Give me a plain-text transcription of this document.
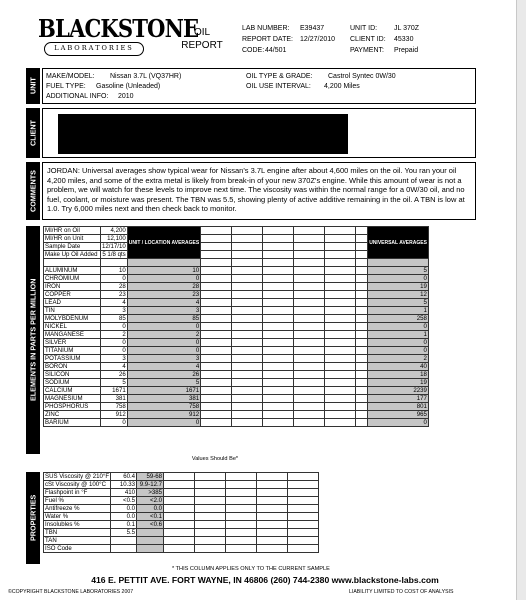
BLACKSTONE
LABORATORIES
OIL
REPORT
LAB NUMBER: E39437
REPORT DATE: 12/27/2010
CODE: 44/501
UNIT ID: JL 370Z
CLIENT ID: 45330
PAYMENT: Prepaid
UNIT
MAKE/MODEL: Nissan 3.7L (VQ37HR)
FUEL TYPE: Gasoline (Unleaded)
ADDITIONAL INFO: 2010
OIL TYPE & GRADE: Castrol Syntec 0W/30
OIL USE INTERVAL: 4,200 Miles
CLIENT
COMMENTS	JORDAN: Universal averages show typical wear for Nissan's 3.7L engine after about 4,600 miles on the oil. You ran your oil 4,200 miles, and some of the extra metal is likely from break-in of your new 370Z's engine. While this amount of wear is not a problem, we will watch for these levels to improve next time. The viscosity was within the normal range for a 0W/30 oil, and no fuel, coolant, or moisture was present. The TBN was 5.5, showing plenty of active additive remaining in the oil. A TBN is low at 1.0. Try 6,000 miles next and then check back to monitor.
ELEMENTS IN PARTS PER MILLION
MI/HR on Oil	4,200	UNIT / LOCATION AVERAGES							UNIVERSAL AVERAGES
MI/HR on Unit	12,100								
Sample Date	12/17/10								
Make Up Oil Added	5 1/8 qts								

ALUMINUM	10	10							5
CHROMIUM	0	0							0
IRON	28	28							19
COPPER	23	23							12
LEAD	4	4							5
TIN	3	3							1
MOLYBDENUM	85	85							258
NICKEL	0	0							0
MANGANESE	2	2							1
SILVER	0	0							0
TITANIUM	0	0							0
POTASSIUM	3	3							2
BORON	4	4							40
SILICON	26	26							18
SODIUM	5	5							19
CALCIUM	1671	1671							2239
MAGNESIUM	381	381							177
PHOSPHORUS	758	758							801
ZINC	912	912							965
BARIUM	0	0							0
Values Should Be*
PROPERTIES
SUS Viscosity @ 210°F	60.4	59-68					
cSt Viscosity @ 100°C	10.33	9.9-12.7					
Flashpoint in °F	410	>385					
Fuel %	<0.5	<2.0					
Antifreeze %	0.0	0.0					
Water %	0.0	<0.1					
Insolubles %	0.1	<0.6					
TBN	5.5						
TAN							
ISO Code							
* THIS COLUMN APPLIES ONLY TO THE CURRENT SAMPLE
416 E. PETTIT AVE. FORT WAYNE, IN 46806 (260) 744-2380 www.blackstone-labs.com
©COPYRIGHT BLACKSTONE LABORATORIES 2007	LIABILITY LIMITED TO COST OF ANALYSIS
